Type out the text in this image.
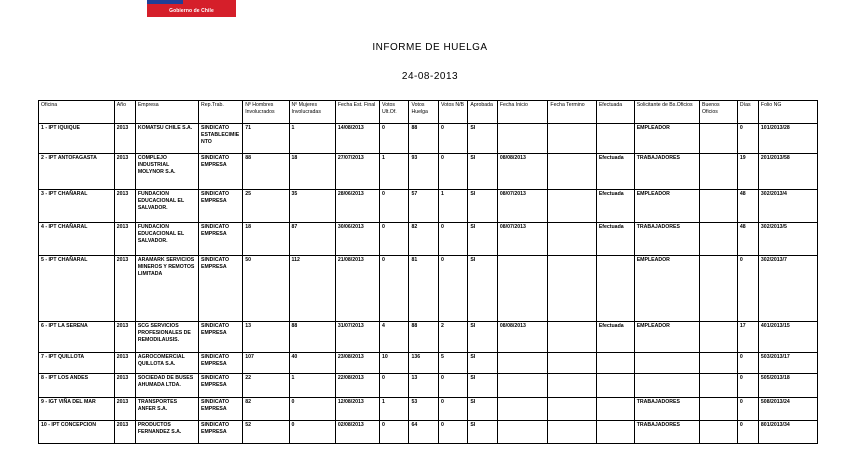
Gobierno de Chile
INFORME DE HUELGA
24-08-2013
Oficina	Año	Empresa	Rep.Trab.	Nº Hombres Involucrados	Nº Mujeres Involucradas	Fecha Est. Final	Votos Ult.Of.	Votos Huelga	Votos N/B	Aprobada	Fecha Inicio	Fecha Termino	Efectuada	Solicitante de Bs.Oficios	Buenos Oficios	Días	Folio NG
1 - IPT IQUIQUE	2013	KOMATSU CHILE S.A.	SINDICATO ESTABLECIMIENTO	71	1	14/08/2013	0	88	0	SI				EMPLEADOR		0	101/2013/28
2 - IPT ANTOFAGASTA	2013	COMPLEJO INDUSTRIAL MOLYNOR S.A.	SINDICATO EMPRESA	88	18	27/07/2013	1	93	0	SI	08/08/2013		Efectuada	TRABAJADORES		19	201/2013/58
3 - IPT CHAÑARAL	2013	FUNDACION EDUCACIONAL EL SALVADOR.	SINDICATO EMPRESA	25	35	28/06/2013	0	57	1	SI	08/07/2013		Efectuada	EMPLEADOR		48	302/2013/4
4 - IPT CHAÑARAL	2013	FUNDACION EDUCACIONAL EL SALVADOR.	SINDICATO EMPRESA	18	87	30/06/2013	0	82	0	SI	08/07/2013		Efectuada	TRABAJADORES		48	302/2013/5
5 - IPT CHAÑARAL	2013	ARAMARK SERVICIOS MINEROS Y REMOTOS LIMITADA	SINDICATO EMPRESA	50	112	21/08/2013	0	81	0	SI				EMPLEADOR		0	302/2013/7
6 - IPT LA SERENA	2013	SCG SERVICIOS PROFESIONALES DE REMODILAUSIS.	SINDICATO EMPRESA	13	88	31/07/2013	4	88	2	SI	08/08/2013		Efectuada	EMPLEADOR		17	401/2013/15
7 - IPT QUILLOTA	2013	AGROCOMERCIAL QUILLOTA S.A.	SINDICATO EMPRESA	107	40	23/08/2013	10	136	5	SI						0	503/2013/17
8 - IPT LOS ANDES	2013	SOCIEDAD DE BUSES AHUMADA LTDA.	SINDICATO EMPRESA	22	1	22/08/2013	0	13	0	SI						0	505/2013/18
9 - IGT VIÑA DEL MAR	2013	TRANSPORTES ANFER S.A.	SINDICATO EMPRESA	82	0	12/08/2013	1	53	0	SI				TRABAJADORES		0	508/2013/24
10 - IPT CONCEPCION	2013	PRODUCTOS FERNANDEZ S.A.	SINDICATO EMPRESA	52	0	02/08/2013	0	64	0	SI				TRABAJADORES		0	801/2013/34
